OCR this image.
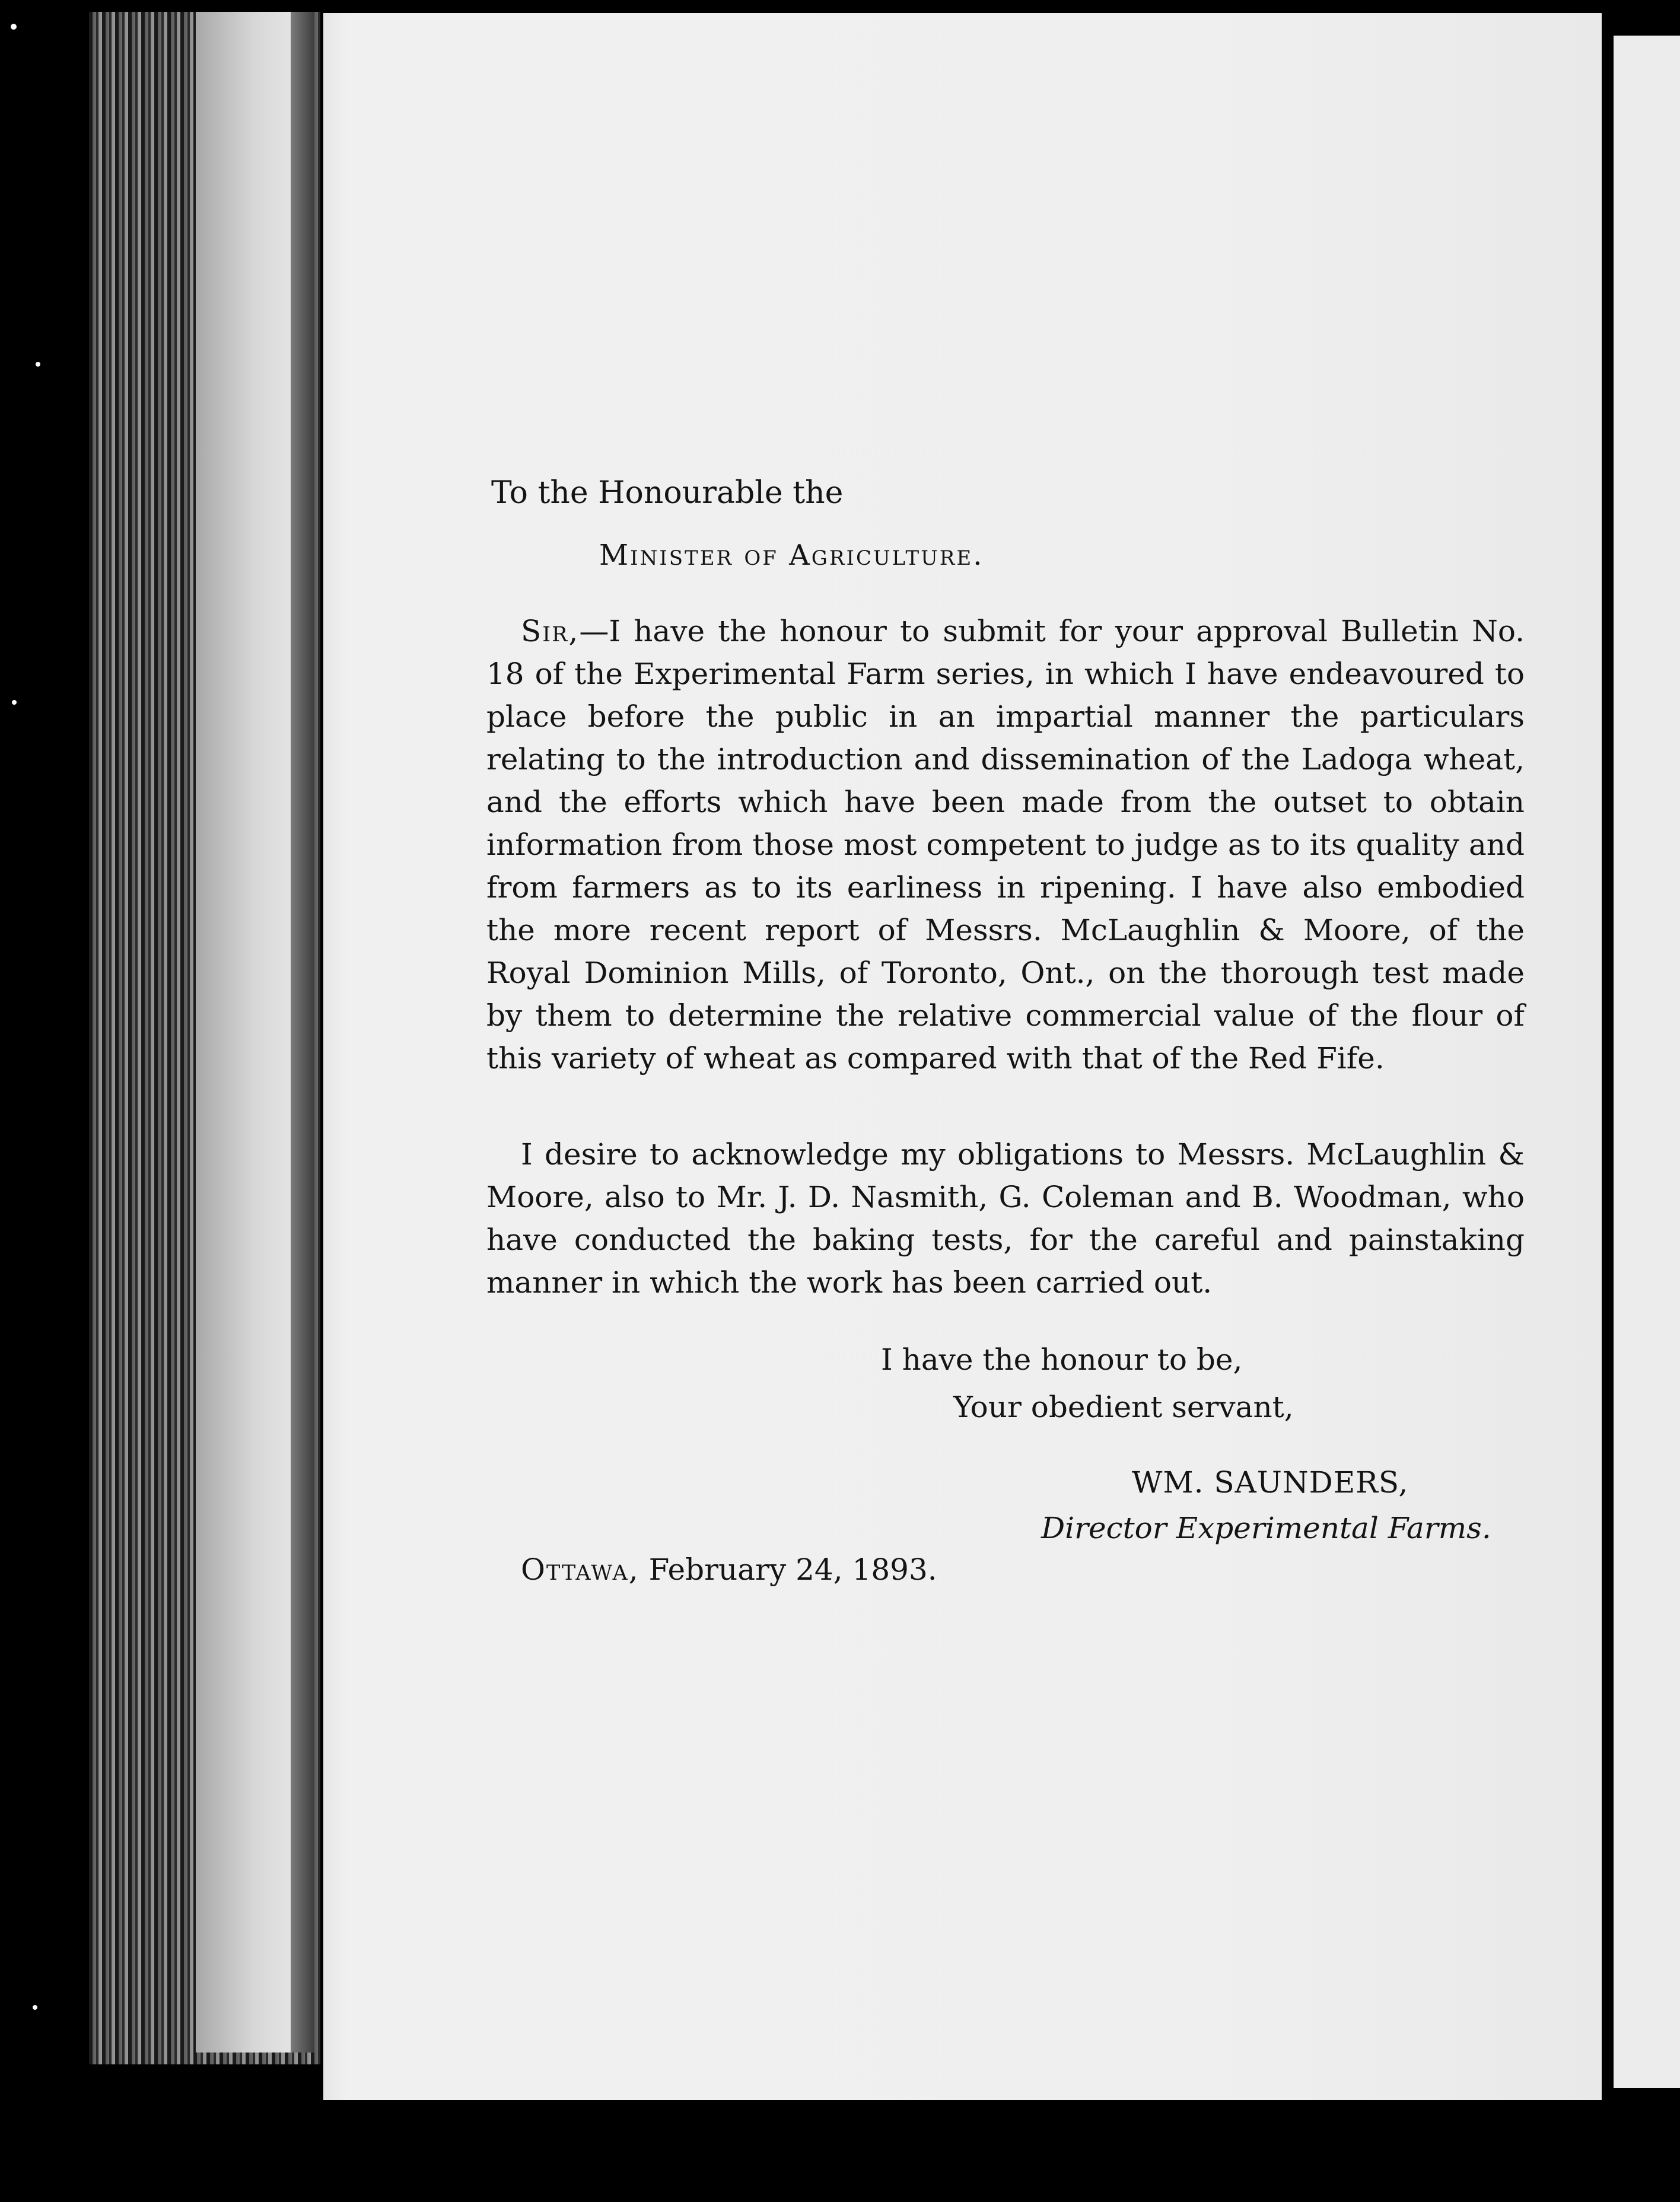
To the Honourable the
Minister of Agriculture.
Sir,—I have the honour to submit for your approval Bulletin No. 18 of the Experimental Farm series, in which I have endeavoured to place before the public in an impartial manner the particulars relating to the introduction and dissemination of the Ladoga wheat, and the efforts which have been made from the outset to obtain information from those most competent to judge as to its quality and from farmers as to its earliness in ripening. I have also embodied the more recent report of Messrs. McLaughlin & Moore, of the Royal Dominion Mills, of Toronto, Ont., on the thorough test made by them to determine the relative commercial value of the flour of this variety of wheat as compared with that of the Red Fife.
I desire to acknowledge my obligations to Messrs. McLaughlin & Moore, also to Mr. J. D. Nasmith, G. Coleman and B. Woodman, who have conducted the baking tests, for the careful and painstaking manner in which the work has been carried out.
I have the honour to be,
Your obedient servant,
WM. SAUNDERS,
Director Experimental Farms.
Ottawa, February 24, 1893.
